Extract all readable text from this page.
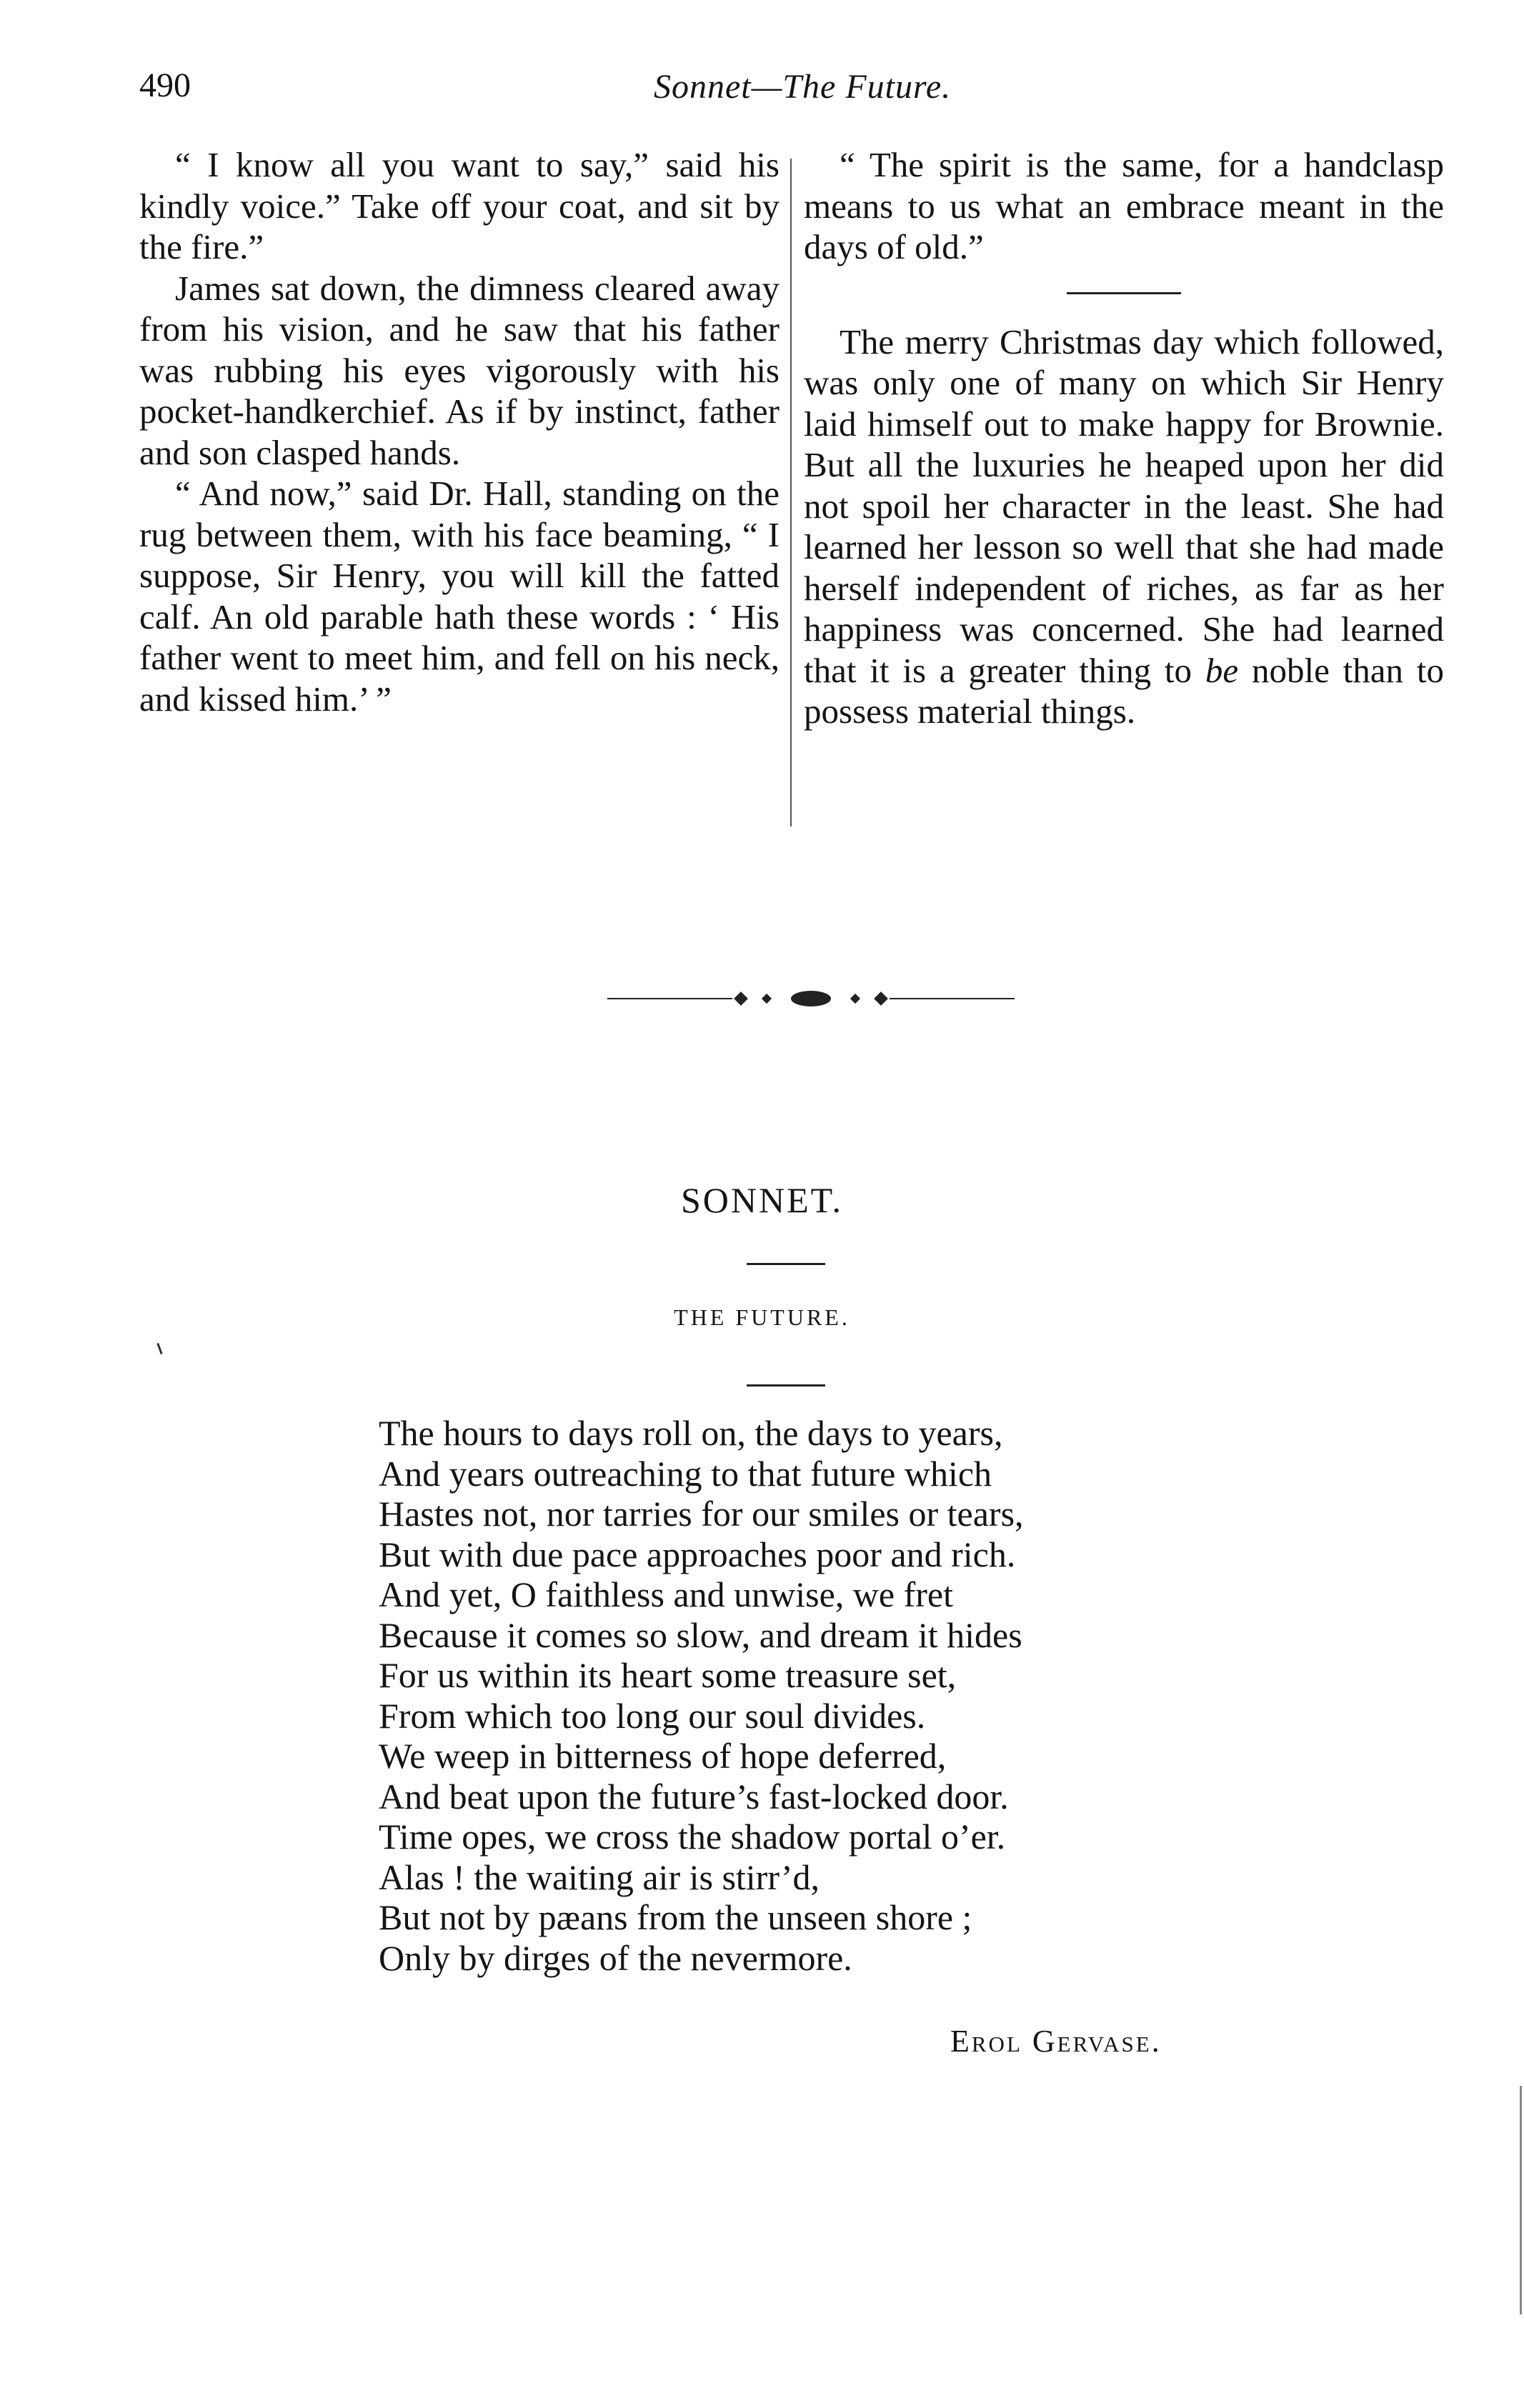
490	Sonnet—The Future.

“ I know all you want to say,” said his kindly voice.” Take off your coat, and sit by the fire.”

James sat down, the dimness cleared away from his vision, and he saw that his father was rubbing his eyes vigorously with his pocket-handkerchief. As if by instinct, father and son clasped hands.

“ And now,” said Dr. Hall, standing on the rug between them, with his face beaming, “ I suppose, Sir Henry, you will kill the fatted calf. An old parable hath these words : ‘ His father went to meet him, and fell on his neck, and kissed him.’ ”

“ The spirit is the same, for a handclasp means to us what an embrace meant in the days of old.”

The merry Christmas day which followed, was only one of many on which Sir Henry laid himself out to make happy for Brownie. But all the luxuries he heaped upon her did not spoil her character in the least. She had learned her lesson so well that she had made herself independent of riches, as far as her happiness was concerned. She had learned that it is a greater thing to be noble than to possess material things.

SONNET.
THE FUTURE.
The hours to days roll on, the days to years,
And years outreaching to that future which
Hastes not, nor tarries for our smiles or tears,
But with due pace approaches poor and rich.
And yet, O faithless and unwise, we fret
Because it comes so slow, and dream it hides
For us within its heart some treasure set,
From which too long our soul divides.
We weep in bitterness of hope deferred,
And beat upon the future’s fast-locked door.
Time opes, we cross the shadow portal o’er.
Alas ! the waiting air is stirr’d,
But not by pæans from the unseen shore ;
Only by dirges of the nevermore.
Erol Gervase.
